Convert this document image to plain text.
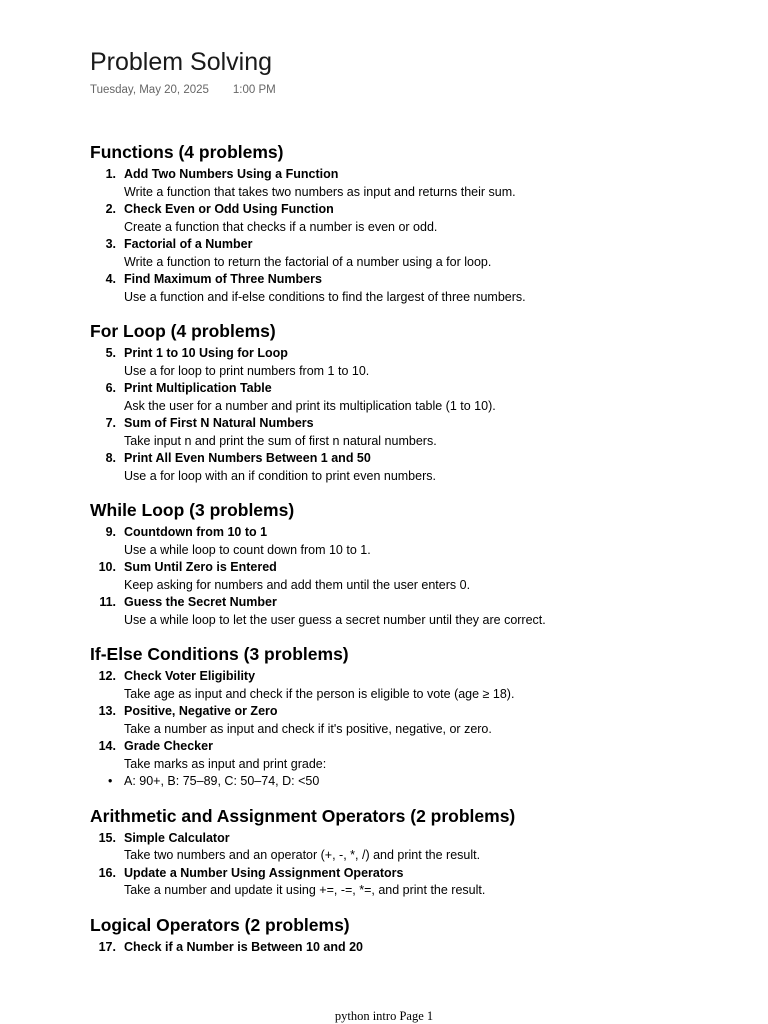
Problem Solving
Tuesday, May 20, 2025 1:00 PM
Functions (4 problems)
1. Add Two Numbers Using a Function
Write a function that takes two numbers as input and returns their sum.
2. Check Even or Odd Using Function
Create a function that checks if a number is even or odd.
3. Factorial of a Number
Write a function to return the factorial of a number using a for loop.
4. Find Maximum of Three Numbers
Use a function and if-else conditions to find the largest of three numbers.
For Loop (4 problems)
5. Print 1 to 10 Using for Loop
Use a for loop to print numbers from 1 to 10.
6. Print Multiplication Table
Ask the user for a number and print its multiplication table (1 to 10).
7. Sum of First N Natural Numbers
Take input n and print the sum of first n natural numbers.
8. Print All Even Numbers Between 1 and 50
Use a for loop with an if condition to print even numbers.
While Loop (3 problems)
9. Countdown from 10 to 1
Use a while loop to count down from 10 to 1.
10. Sum Until Zero is Entered
Keep asking for numbers and add them until the user enters 0.
11. Guess the Secret Number
Use a while loop to let the user guess a secret number until they are correct.
If-Else Conditions (3 problems)
12. Check Voter Eligibility
Take age as input and check if the person is eligible to vote (age ≥ 18).
13. Positive, Negative or Zero
Take a number as input and check if it's positive, negative, or zero.
14. Grade Checker
Take marks as input and print grade:
• A: 90+, B: 75–89, C: 50–74, D: <50
Arithmetic and Assignment Operators (2 problems)
15. Simple Calculator
Take two numbers and an operator (+, -, *, /) and print the result.
16. Update a Number Using Assignment Operators
Take a number and update it using +=, -=, *=, and print the result.
Logical Operators (2 problems)
17. Check if a Number is Between 10 and 20
python intro Page 1
